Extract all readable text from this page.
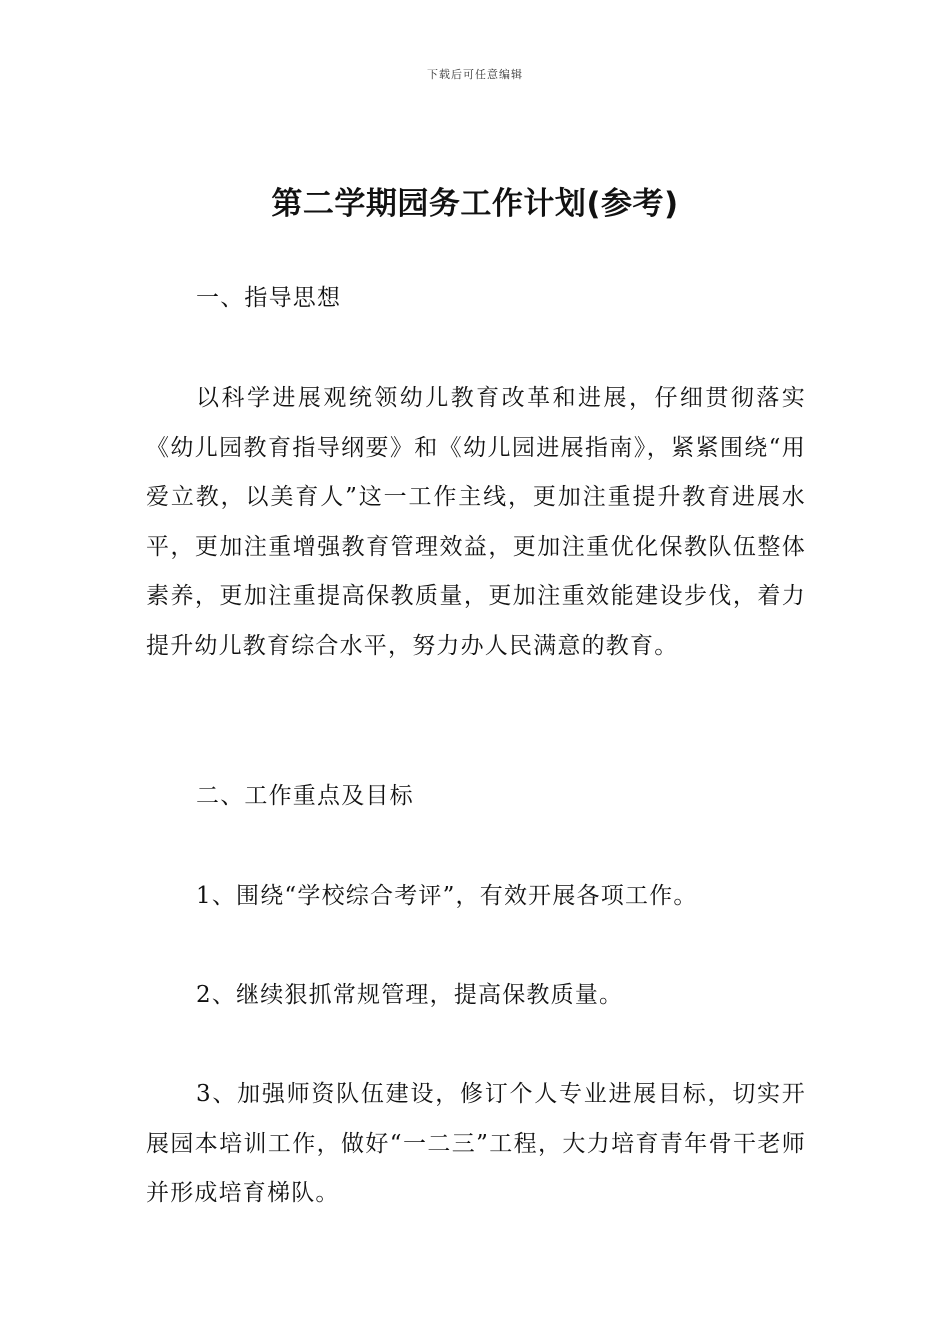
下载后可任意编辑
第二学期园务工作计划(参考)

一、指导思想

以科学进展观统领幼儿教育改革和进展，仔细贯彻落实《幼儿园教育指导纲要》和《幼儿园进展指南》，紧紧围绕“用爱立教，以美育人”这一工作主线，更加注重提升教育进展水平，更加注重增强教育管理效益，更加注重优化保教队伍整体素养，更加注重提高保教质量，更加注重效能建设步伐，着力提升幼儿教育综合水平，努力办人民满意的教育。

二、工作重点及目标

1、围绕“学校综合考评”，有效开展各项工作。

2、继续狠抓常规管理，提高保教质量。

3、加强师资队伍建设，修订个人专业进展目标，切实开展园本培训工作，做好“一二三”工程，大力培育青年骨干老师并形成培育梯队。
